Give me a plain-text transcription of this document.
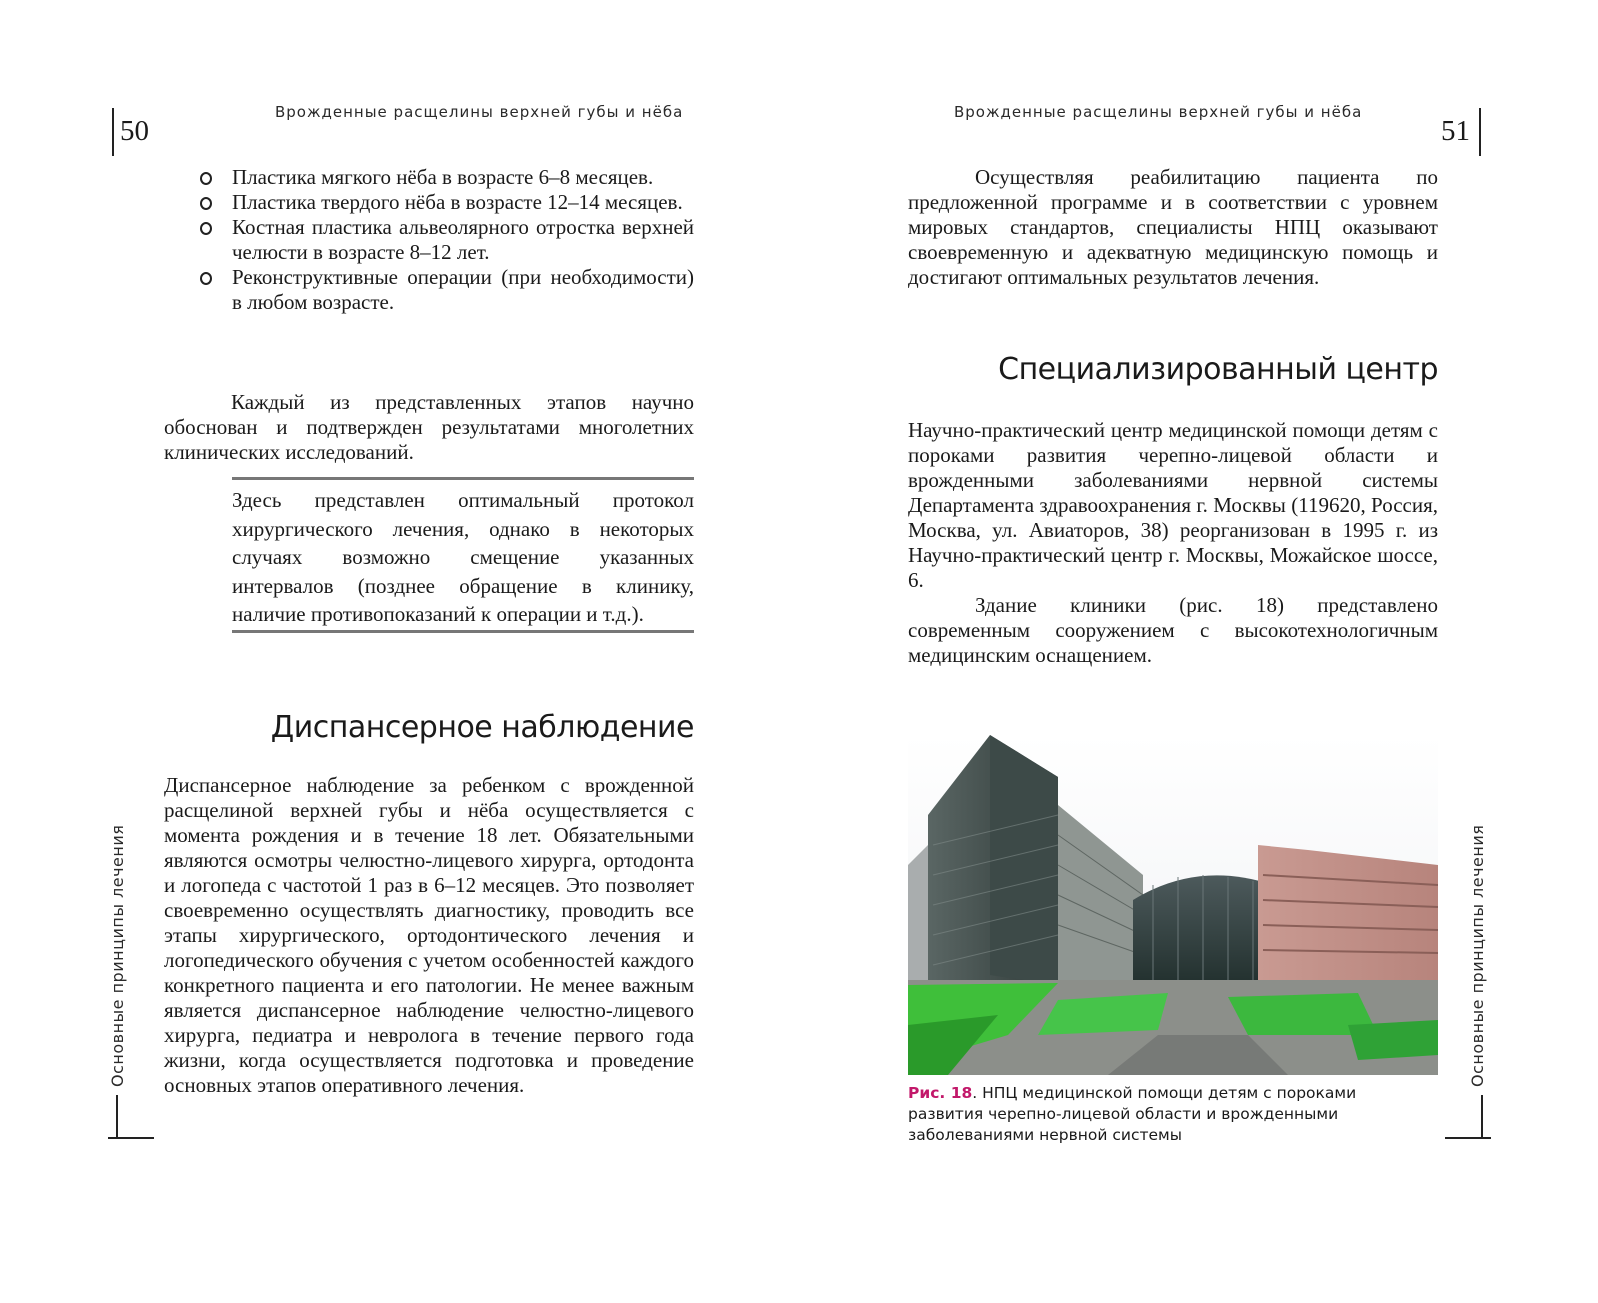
Врожденные расщелины верхней губы и нёба
50
Пластика мягкого нёба в возрасте 6–8 месяцев.
Пластика твердого нёба в возрасте 12–14 месяцев.
Костная пластика альвеолярного отростка верхней челюсти в возрасте 8–12 лет.
Реконструктивные операции (при необходимости) в любом возрасте.

Каждый из представленных этапов научно обоснован и подтвержден результатами многолетних клинических исследований.

Здесь представлен оптимальный протокол хирургического лечения, однако в некоторых случаях возможно смещение указанных интервалов (позднее обращение в клинику, наличие противопоказаний к операции и т.д.).
Диспансерное наблюдение

Диспансерное наблюдение за ребенком с врожденной расщелиной верхней губы и нёба осуществляется с момента рождения и в течение 18 лет. Обязательными являются осмотры челюстно-лицевого хирурга, ортодонта и логопеда с частотой 1 раз в 6–12 месяцев. Это позволяет своевременно осуществлять диагностику, проводить все этапы хирургического, ортодонтического лечения и логопедического обучения с учетом особенностей каждого конкретного пациента и его патологии. Не менее важным является диспансерное наблюдение челюстно-лицевого хирурга, педиатра и невролога в течение первого года жизни, когда осуществляется подготовка и проведение основных этапов оперативного лечения.

Основные принципы лечения
Врожденные расщелины верхней губы и нёба
51

Осуществляя реабилитацию пациента по предложенной программе и в соответствии с уровнем мировых стандартов, специалисты НПЦ оказывают своевременную и адекватную медицинскую помощь и достигают оптимальных результатов лечения.

Специализированный центр

Научно-практический центр медицинской помощи детям с пороками развития черепно-лицевой области и врожденными заболеваниями нервной системы Департамента здравоохранения г. Москвы (119620, Россия, Москва, ул. Авиаторов, 38) реорганизован в 1995 г. из Научно-практический центр г. Москвы, Можайское шоссе, 6.

Здание клиники (рис. 18) представлено современным сооружением с высокотехнологичным медицинским оснащением.

Рис. 18. НПЦ медицинской помощи детям с пороками развития черепно-лицевой области и врожденными заболеваниями нервной системы
Основные принципы лечения
